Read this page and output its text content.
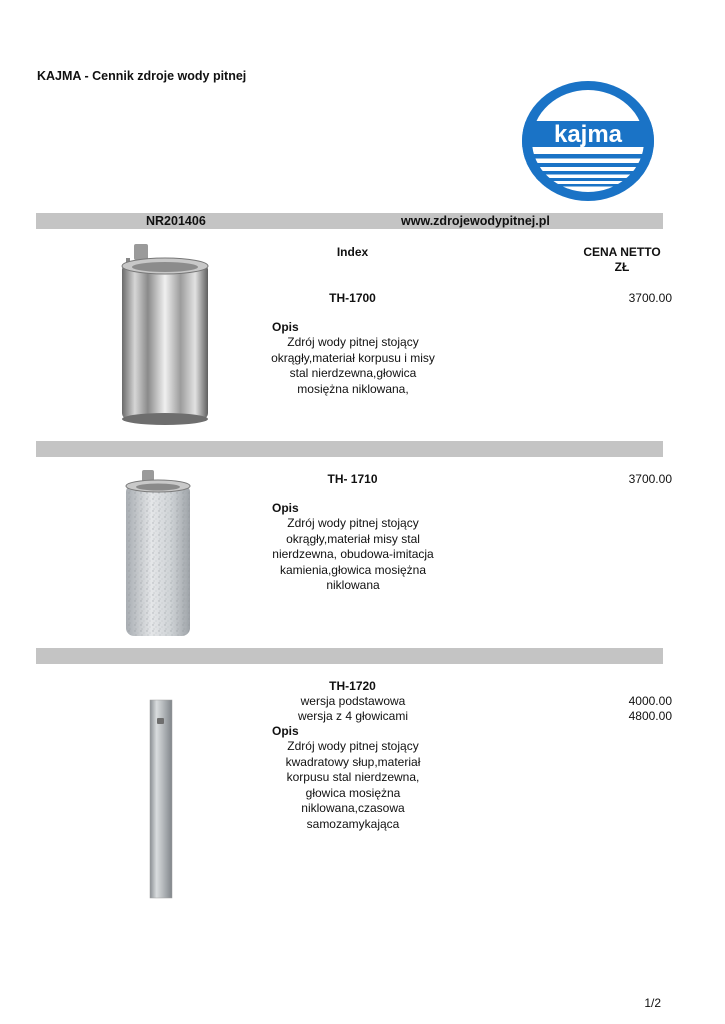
KAJMA - Cennik zdroje wody pitnej
kajma
NR201406	www.zdrojewodypitnej.pl
Index	CENA NETTO
ZŁ
TH-1700	3700.00
Opis
Zdrój wody pitnej stojący
okrągły,materiał korpusu i misy
stal nierdzewna,głowica
mosiężna niklowana,
TH- 1710	3700.00
Opis
Zdrój wody pitnej stojący
okrągły,materiał misy stal
nierdzewna, obudowa-imitacja
kamienia,głowica mosiężna
niklowana
TH-1720
wersja podstawowa	4000.00
wersja z 4 głowicami	4800.00
Opis
Zdrój wody pitnej stojący
kwadratowy słup,materiał
korpusu stal nierdzewna,
głowica mosiężna
niklowana,czasowa
samozamykająca
1/2
